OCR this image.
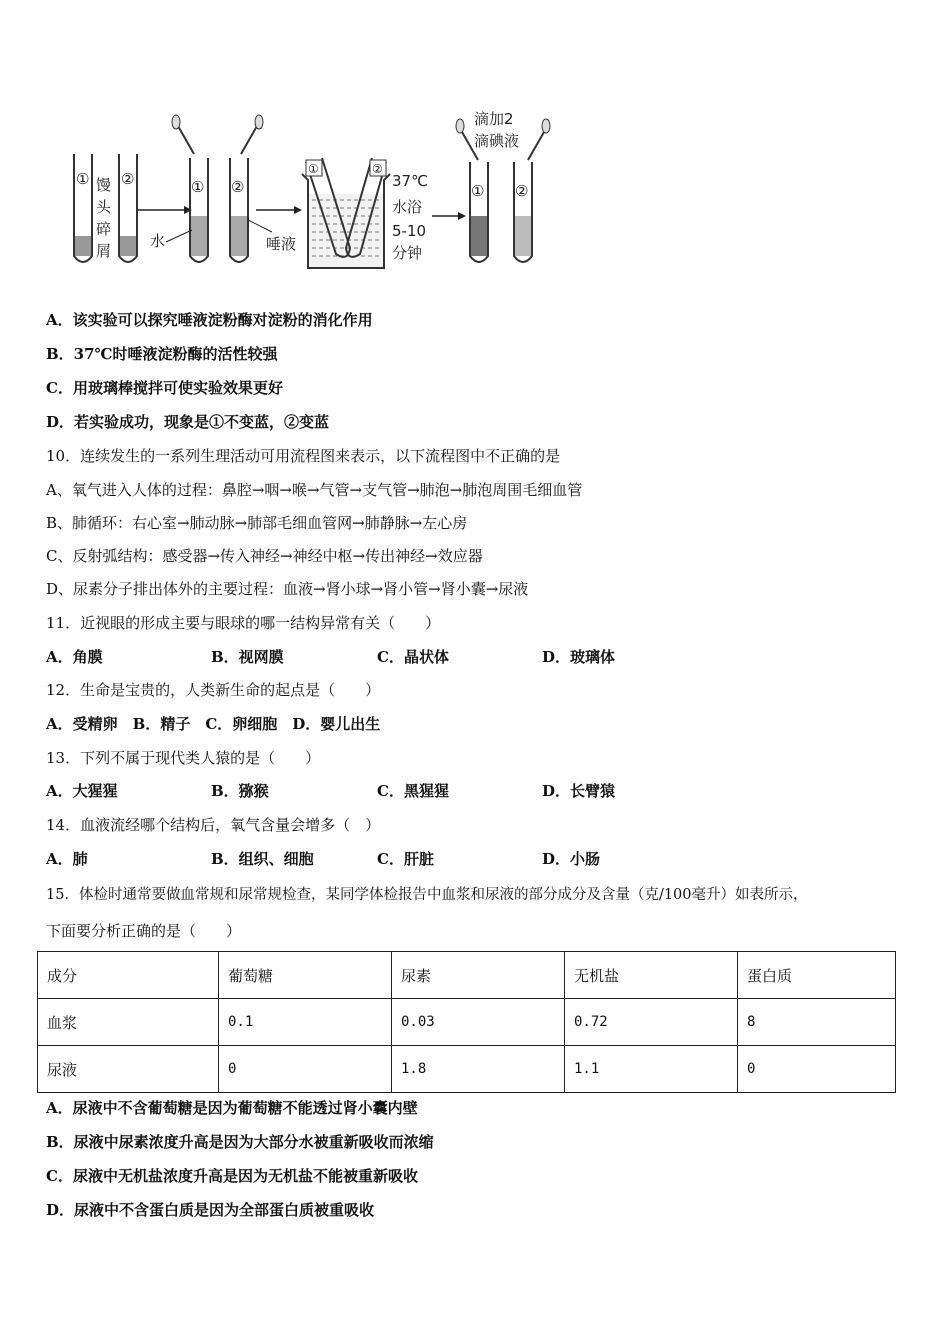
① ②
馒
头
碎
屑
① ②
水	唾液
①	②
37℃
水浴
5-10
分钟
滴加2
滴碘液
① ②
A．该实验可以探究唾液淀粉酶对淀粉的消化作用
B．37℃时唾液淀粉酶的活性较强
C．用玻璃棒搅拌可使实验效果更好
D．若实验成功，现象是①不变蓝，②变蓝
10．连续发生的一系列生理活动可用流程图来表示，以下流程图中不正确的是
A、氧气进入人体的过程：鼻腔→咽→喉→气管→支气管→肺泡→肺泡周围毛细血管
B、肺循环：右心室→肺动脉→肺部毛细血管网→肺静脉→左心房
C、反射弧结构：感受器→传入神经→神经中枢→传出神经→效应器
D、尿素分子排出体外的主要过程：血液→肾小球→肾小管→肾小囊→尿液
11．近视眼的形成主要与眼球的哪一结构异常有关（　　）
A．角膜	B．视网膜	C．晶状体	D．玻璃体
12．生命是宝贵的，人类新生命的起点是（　　）
A．受精卵　B．精子　C．卵细胞　D．婴儿出生
13．下列不属于现代类人猿的是（　　）
A．大猩猩	B．猕猴	C．黑猩猩	D．长臂猿
14．血液流经哪个结构后，氧气含量会增多（　）
A．肺	B．组织、细胞	C．肝脏	D．小肠
15．体检时通常要做血常规和尿常规检查，某同学体检报告中血浆和尿液的部分成分及含量（克/100毫升）如表所示，
下面要分析正确的是（　　）
成分	葡萄糖	尿素	无机盐	蛋白质
血浆	0.1	0.03	0.72	8
尿液	0	1.8	1.1	0
A．尿液中不含葡萄糖是因为葡萄糖不能透过肾小囊内壁
B．尿液中尿素浓度升高是因为大部分水被重新吸收而浓缩
C．尿液中无机盐浓度升高是因为无机盐不能被重新吸收
D．尿液中不含蛋白质是因为全部蛋白质被重吸收
